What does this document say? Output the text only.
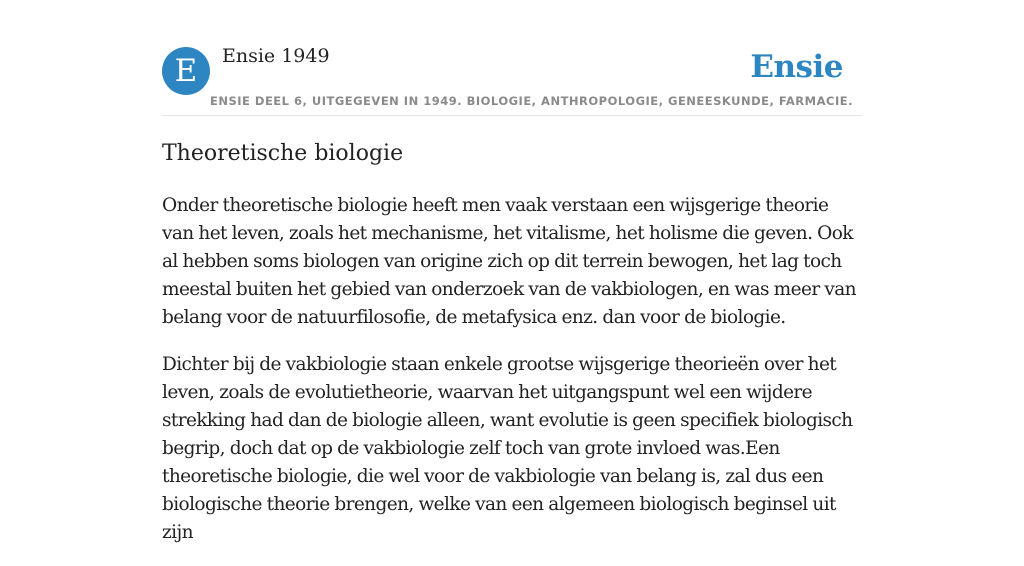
E	Ensie 1949	Ensie
ENSIE DEEL 6, UITGEGEVEN IN 1949. BIOLOGIE, ANTHROPOLOGIE, GENEESKUNDE, FARMACIE.
Theoretische biologie

Onder theoretische biologie heeft men vaak verstaan een wijsgerige theorie van het leven, zoals het mechanisme, het vitalisme, het holisme die geven. Ook al hebben soms biologen van origine zich op dit terrein bewogen, het lag toch meestal buiten het gebied van onderzoek van de vakbiologen, en was meer van belang voor de natuurfilosofie, de metafysica enz. dan voor de biologie.

Dichter bij de vakbiologie staan enkele grootse wijsgerige theorieën over het leven, zoals de evolutietheorie, waarvan het uitgangspunt wel een wijdere strekking had dan de biologie alleen, want evolutie is geen specifiek biologisch begrip, doch dat op de vakbiologie zelf toch van grote invloed was.Een theoretische biologie, die wel voor de vakbiologie van belang is, zal dus een biologische theorie brengen, welke van een algemeen biologisch beginsel uit zijn
